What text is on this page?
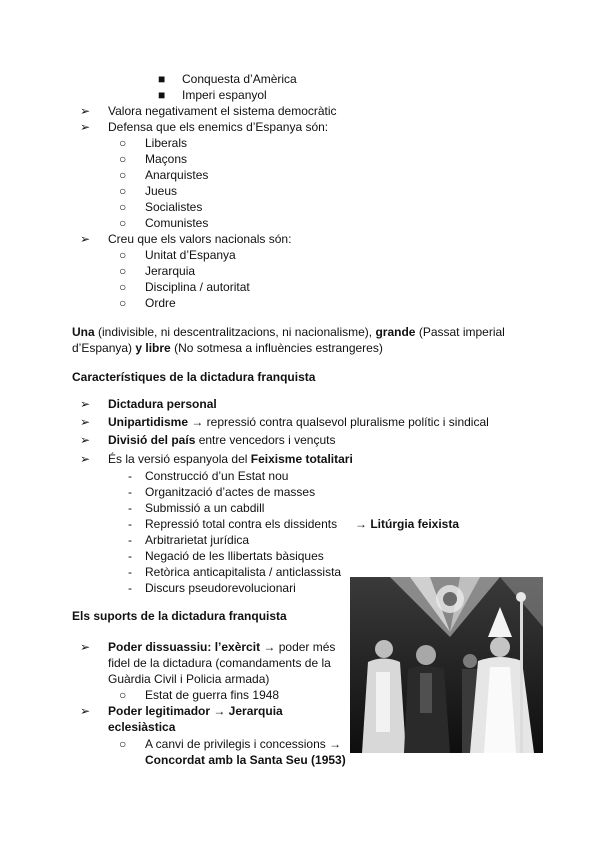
■ Conquesta d’Amèrica
■ Imperi espanyol
➢ Valora negativament el sistema democràtic
➢ Defensa que els enemics d’Espanya són:
○ Liberals
○ Maçons
○ Anarquistes
○ Jueus
○ Socialistes
○ Comunistes
➢ Creu que els valors nacionals són:
○ Unitat d’Espanya
○ Jerarquia
○ Disciplina / autoritat
○ Ordre
Una (indivisible, ni descentralitzacions, ni nacionalisme), grande (Passat imperial
d’Espanya) y libre (No sotmesa a influències estrangeres)
Característiques de la dictadura franquista
➢ Dictadura personal
➢ Unipartidisme → repressió contra qualsevol pluralisme polític i sindical
➢ Divisió del país entre vencedors i vençuts
➢ És la versió espanyola del Feixisme totalitari
- Construcció d’un Estat nou
- Organització d’actes de masses
- Submissió a un cabdill
- Repressió total contra els dissidents → Litúrgia feixista
- Arbitrarietat jurídica
- Negació de les llibertats bàsiques
- Retòrica anticapitalista / anticlassista
- Discurs pseudorevolucionari
Els suports de la dictadura franquista
➢ Poder dissuassiu: l’exèrcit → poder més
fidel de la dictadura (comandaments de la
Guàrdia Civil i Policia armada)
○ Estat de guerra fins 1948
➢ Poder legitimador → Jerarquia
eclesiàstica
○ A canvi de privilegis i concessions →
Concordat amb la Santa Seu (1953)
